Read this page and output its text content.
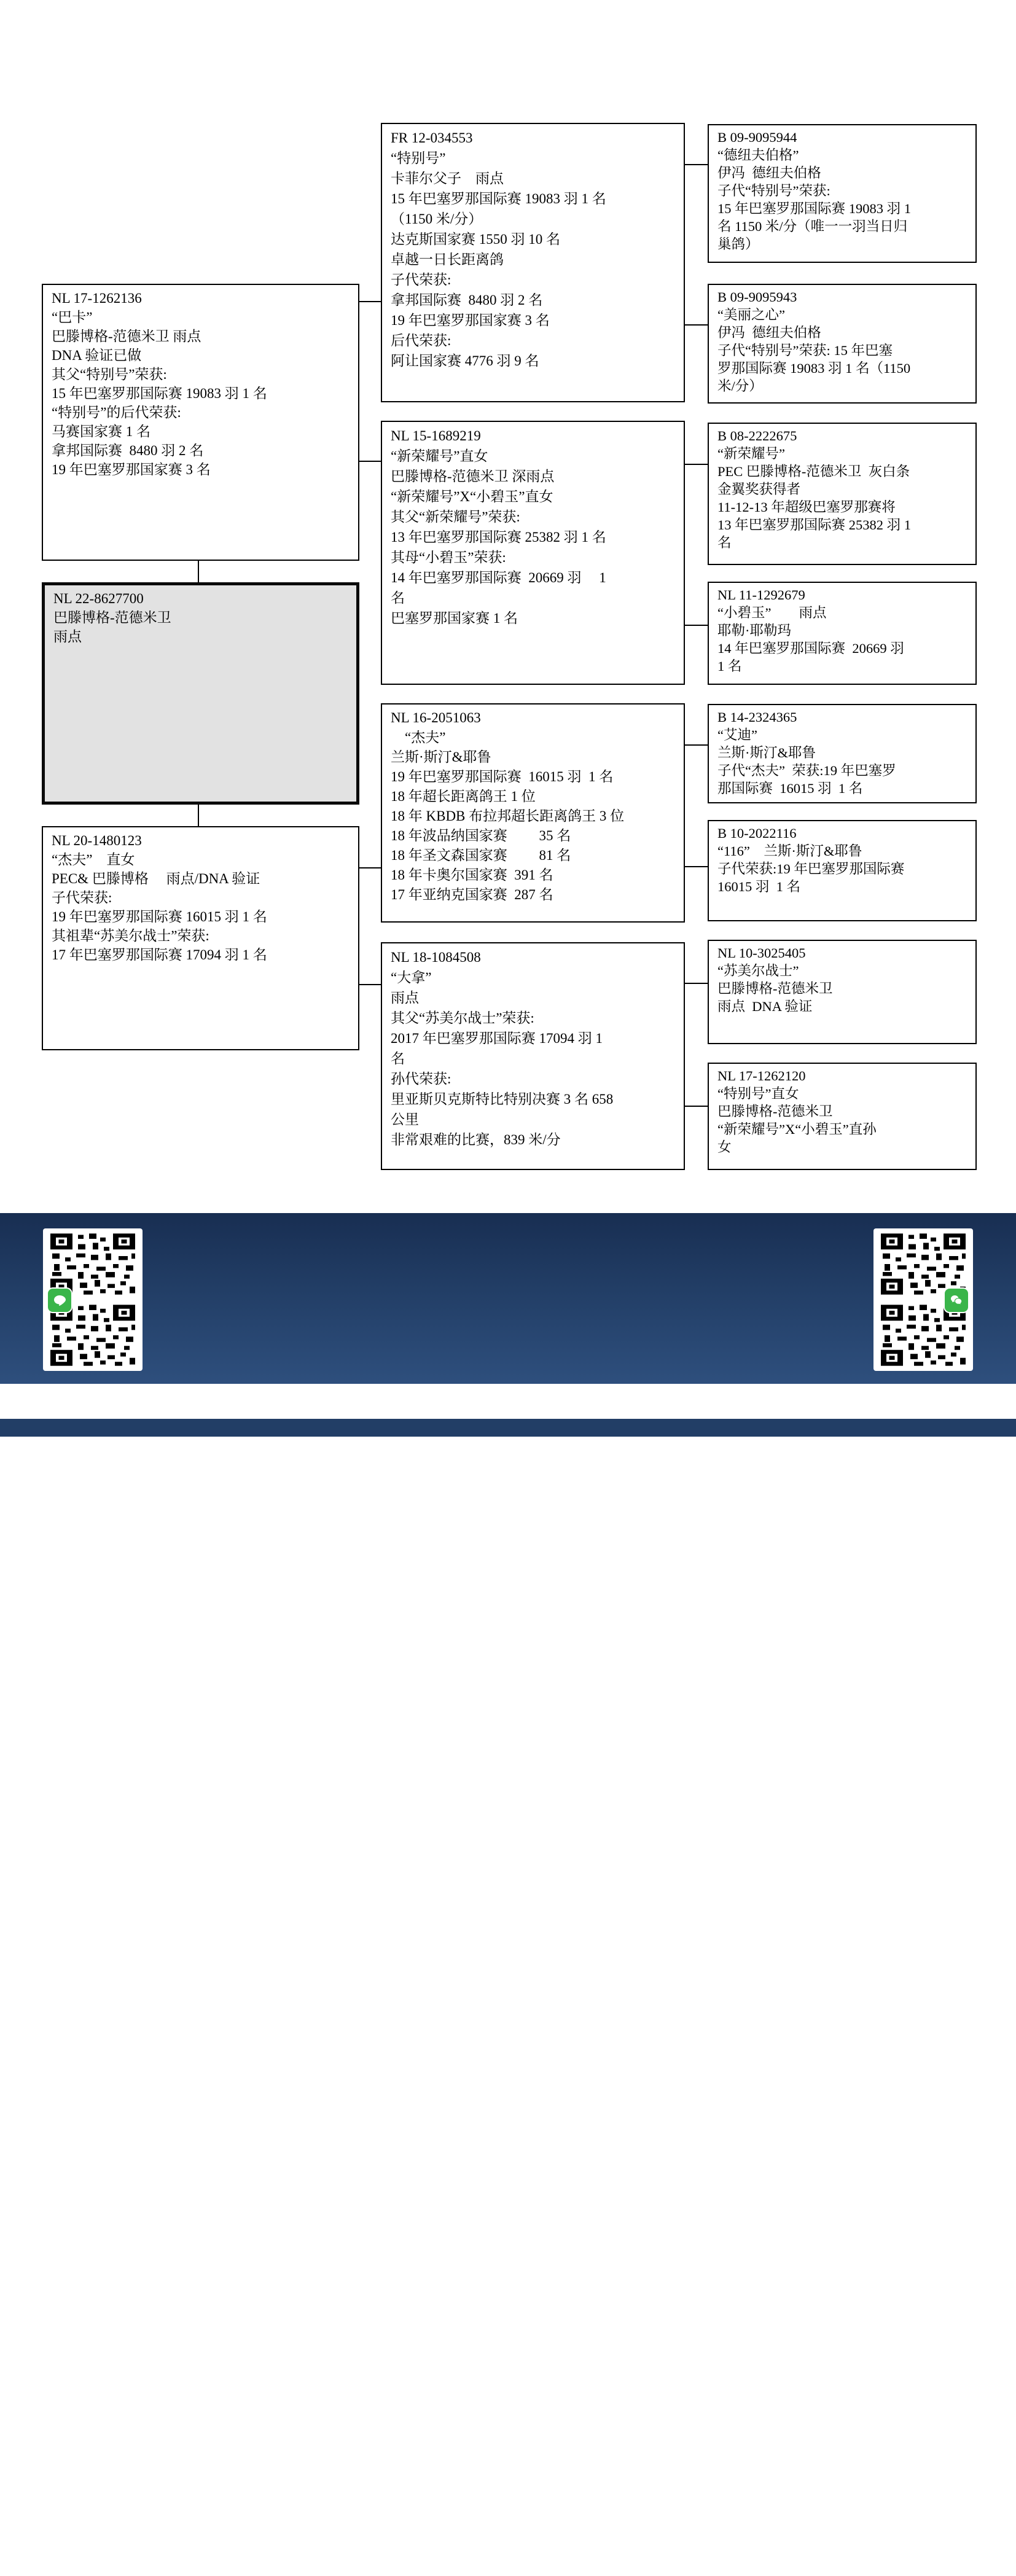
NL 17-1262136
“巴卡”
巴滕博格-范德米卫 雨点
DNA 验证已做
其父“特别号”荣获:
15 年巴塞罗那国际赛 19083 羽 1 名
“特别号”的后代荣获:
马赛国家赛 1 名
拿邦国际赛  8480 羽 2 名
19 年巴塞罗那国家赛 3 名
NL 22-8627700
巴滕博格-范德米卫
雨点
NL 20-1480123
“杰夫”　直女
PEC& 巴滕博格　 雨点/DNA 验证
子代荣获:
19 年巴塞罗那国际赛 16015 羽 1 名
其祖辈“苏美尔战士”荣获:
17 年巴塞罗那国际赛 17094 羽 1 名
FR 12-034553
“特别号”
卡菲尔父子　雨点
15 年巴塞罗那国际赛 19083 羽 1 名
（1150 米/分）
达克斯国家赛 1550 羽 10 名
卓越一日长距离鸽
子代荣获:
拿邦国际赛  8480 羽 2 名
19 年巴塞罗那国家赛 3 名
后代荣获:
阿让国家赛 4776 羽 9 名
NL 15-1689219
“新荣耀号”直女
巴滕博格-范德米卫 深雨点
“新荣耀号”X“小碧玉”直女
其父“新荣耀号”荣获:
13 年巴塞罗那国际赛 25382 羽 1 名
其母“小碧玉”荣获:
14 年巴塞罗那国际赛  20669 羽　 1
名
巴塞罗那国家赛 1 名
NL 16-2051063
　“杰夫”
兰斯·斯汀&耶鲁
19 年巴塞罗那国际赛  16015 羽  1 名
18 年超长距离鸽王 1 位
18 年 KBDB 布拉邦超长距离鸽王 3 位
18 年波品纳国家赛　　 35 名
18 年圣文森国家赛　　 81 名
18 年卡奥尔国家赛  391 名
17 年亚纳克国家赛  287 名
NL 18-1084508
“大拿”
雨点
其父“苏美尔战士”荣获:
2017 年巴塞罗那国际赛 17094 羽 1
名
孙代荣获:
里亚斯贝克斯特比特别决赛 3 名 658
公里
非常艰难的比赛，839 米/分
B 09-9095944
“德纽夫伯格”
伊冯  德纽夫伯格
子代“特别号”荣获:
15 年巴塞罗那国际赛 19083 羽 1
名 1150 米/分（唯一一羽当日归
巢鸽）
B 09-9095943
“美丽之心”
伊冯  德纽夫伯格
子代“特别号”荣获: 15 年巴塞
罗那国际赛 19083 羽 1 名（1150
米/分）
B 08-2222675
“新荣耀号”
PEC 巴滕博格-范德米卫  灰白条
金翼奖获得者
11-12-13 年超级巴塞罗那赛将
13 年巴塞罗那国际赛 25382 羽 1
名
NL 11-1292679
“小碧玉”　　雨点
耶勒·耶勒玛
14 年巴塞罗那国际赛  20669 羽
1 名
B 14-2324365
“艾迪”
兰斯·斯汀&耶鲁
子代“杰夫”  荣获:19 年巴塞罗
那国际赛  16015 羽  1 名
B 10-2022116
“116”　兰斯·斯汀&耶鲁
子代荣获:19 年巴塞罗那国际赛
16015 羽  1 名
NL 10-3025405
“苏美尔战士”
巴滕博格-范德米卫
雨点  DNA 验证
NL 17-1262120
“特别号”直女
巴滕博格-范德米卫
“新荣耀号”X“小碧玉”直孙
女
Herbots 品质至上 WWW.HERBOTS.BE
jo@herbots.be - miet@herbots.be - wangting@herbots.be - pieterjan@herbots.be
台灣聯絡人盧婉婷小姐：+32 471 19 55 24 中国联络人逯晾一先生：+86 131 2015 0755
贺伯特家族...秉持品质第一与诚实可靠，力求提供完美的服务!
